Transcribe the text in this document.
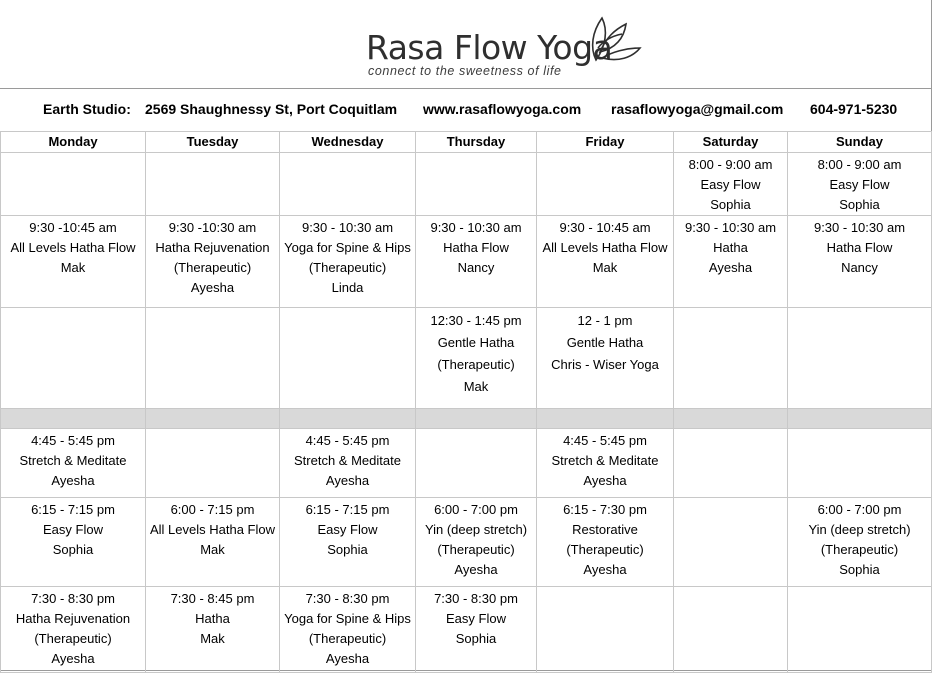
Rasa Flow Yoga
connect to the sweetness of life
Earth Studio: 2569 Shaughnessy St, Port Coquitlam www.rasaflowyoga.com rasaflowyoga@gmail.com 604-971-5230
Monday	Tuesday	Wednesday	Thursday	Friday	Saturday	Sunday

					8:00 - 9:00 am
Easy Flow
Sophia	8:00 - 9:00 am
Easy Flow
Sophia

9:30 -10:45 am
All Levels Hatha Flow
Mak	9:30 -10:30 am
Hatha Rejuvenation
(Therapeutic)
Ayesha	9:30 - 10:30 am
Yoga for Spine & Hips
(Therapeutic)
Linda	9:30 - 10:30 am
Hatha Flow
Nancy	9:30 - 10:45 am
All Levels Hatha Flow
Mak	9:30 - 10:30 am
Hatha
Ayesha	9:30 - 10:30 am
Hatha Flow
Nancy

			12:30 - 1:45 pm
Gentle Hatha
(Therapeutic)
Mak	12 - 1 pm
Gentle Hatha
Chris - Wiser Yoga		

4:45 - 5:45 pm
Stretch & Meditate
Ayesha		4:45 - 5:45 pm
Stretch & Meditate
Ayesha		4:45 - 5:45 pm
Stretch & Meditate
Ayesha		

6:15 - 7:15 pm
Easy Flow
Sophia	6:00 - 7:15 pm
All Levels Hatha Flow
Mak	6:15 - 7:15 pm
Easy Flow
Sophia	6:00 - 7:00 pm
Yin (deep stretch)
(Therapeutic)
Ayesha	6:15 - 7:30 pm
Restorative
(Therapeutic)
Ayesha		6:00 - 7:00 pm
Yin (deep stretch)
(Therapeutic)
Sophia

7:30 - 8:30 pm
Hatha Rejuvenation
(Therapeutic)
Ayesha	7:30 - 8:45 pm
Hatha
Mak	7:30 - 8:30 pm
Yoga for Spine & Hips
(Therapeutic)
Ayesha	7:30 - 8:30 pm
Easy Flow
Sophia			
